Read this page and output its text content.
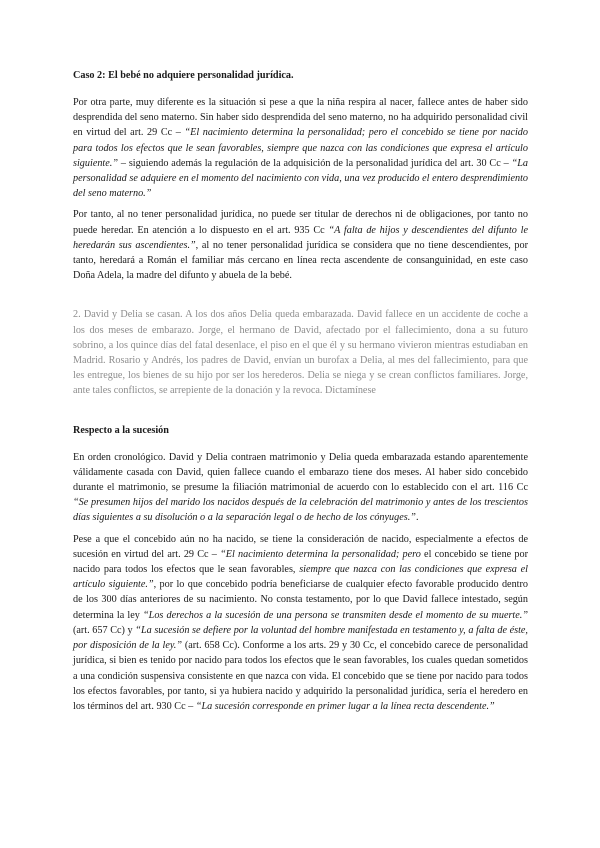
Caso 2: El bebé no adquiere personalidad jurídica.

Por otra parte, muy diferente es la situación si pese a que la niña respira al nacer, fallece antes de haber sido desprendida del seno materno. Sin haber sido desprendida del seno materno, no ha adquirido personalidad civil en virtud del art. 29 Cc – “El nacimiento determina la personalidad; pero el concebido se tiene por nacido para todos los efectos que le sean favorables, siempre que nazca con las condiciones que expresa el artículo siguiente.” – siguiendo además la regulación de la adquisición de la personalidad jurídica del art. 30 Cc – “La personalidad se adquiere en el momento del nacimiento con vida, una vez producido el entero desprendimiento del seno materno.”

Por tanto, al no tener personalidad jurídica, no puede ser titular de derechos ni de obligaciones, por tanto no puede heredar. En atención a lo dispuesto en el art. 935 Cc “A falta de hijos y descendientes del difunto le heredarán sus ascendientes.”, al no tener personalidad jurídica se considera que no tiene descendientes, por tanto, heredará a Román el familiar más cercano en línea recta ascendente de consanguinidad, en este caso Doña Adela, la madre del difunto y abuela de la bebé.

2. David y Delia se casan. A los dos años Delia queda embarazada. David fallece en un accidente de coche a los dos meses de embarazo. Jorge, el hermano de David, afectado por el fallecimiento, dona a su futuro sobrino, a los quince días del fatal desenlace, el piso en el que él y su hermano vivieron mientras estudiaban en Madrid. Rosario y Andrés, los padres de David, envían un burofax a Delia, al mes del fallecimiento, para que les entregue, los bienes de su hijo por ser los herederos. Delia se niega y se crean conflictos familiares. Jorge, ante tales conflictos, se arrepiente de la donación y la revoca. Dictamínese

Respecto a la sucesión

En orden cronológico. David y Delia contraen matrimonio y Delia queda embarazada estando aparentemente válidamente casada con David, quien fallece cuando el embarazo tiene dos meses. Al haber sido concebido durante el matrimonio, se presume la filiación matrimonial de acuerdo con lo establecido con el art. 116 Cc “Se presumen hijos del marido los nacidos después de la celebración del matrimonio y antes de los trescientos días siguientes a su disolución o a la separación legal o de hecho de los cónyuges.”.

Pese a que el concebido aún no ha nacido, se tiene la consideración de nacido, especialmente a efectos de sucesión en virtud del art. 29 Cc – “El nacimiento determina la personalidad; pero el concebido se tiene por nacido para todos los efectos que le sean favorables, siempre que nazca con las condiciones que expresa el artículo siguiente.”, por lo que concebido podría beneficiarse de cualquier efecto favorable producido dentro de los 300 días anteriores de su nacimiento. No consta testamento, por lo que David fallece intestado, según determina la ley “Los derechos a la sucesión de una persona se transmiten desde el momento de su muerte.” (art. 657 Cc) y “La sucesión se defiere por la voluntad del hombre manifestada en testamento y, a falta de éste, por disposición de la ley.” (art. 658 Cc). Conforme a los arts. 29 y 30 Cc, el concebido carece de personalidad jurídica, si bien es tenido por nacido para todos los efectos que le sean favorables, los cuales quedan sometidos a una condición suspensiva consistente en que nazca con vida. El concebido que se tiene por nacido para todos los efectos favorables, por tanto, si ya hubiera nacido y adquirido la personalidad jurídica, sería el heredero en los términos del art. 930 Cc – “La sucesión corresponde en primer lugar a la línea recta descendente.”
